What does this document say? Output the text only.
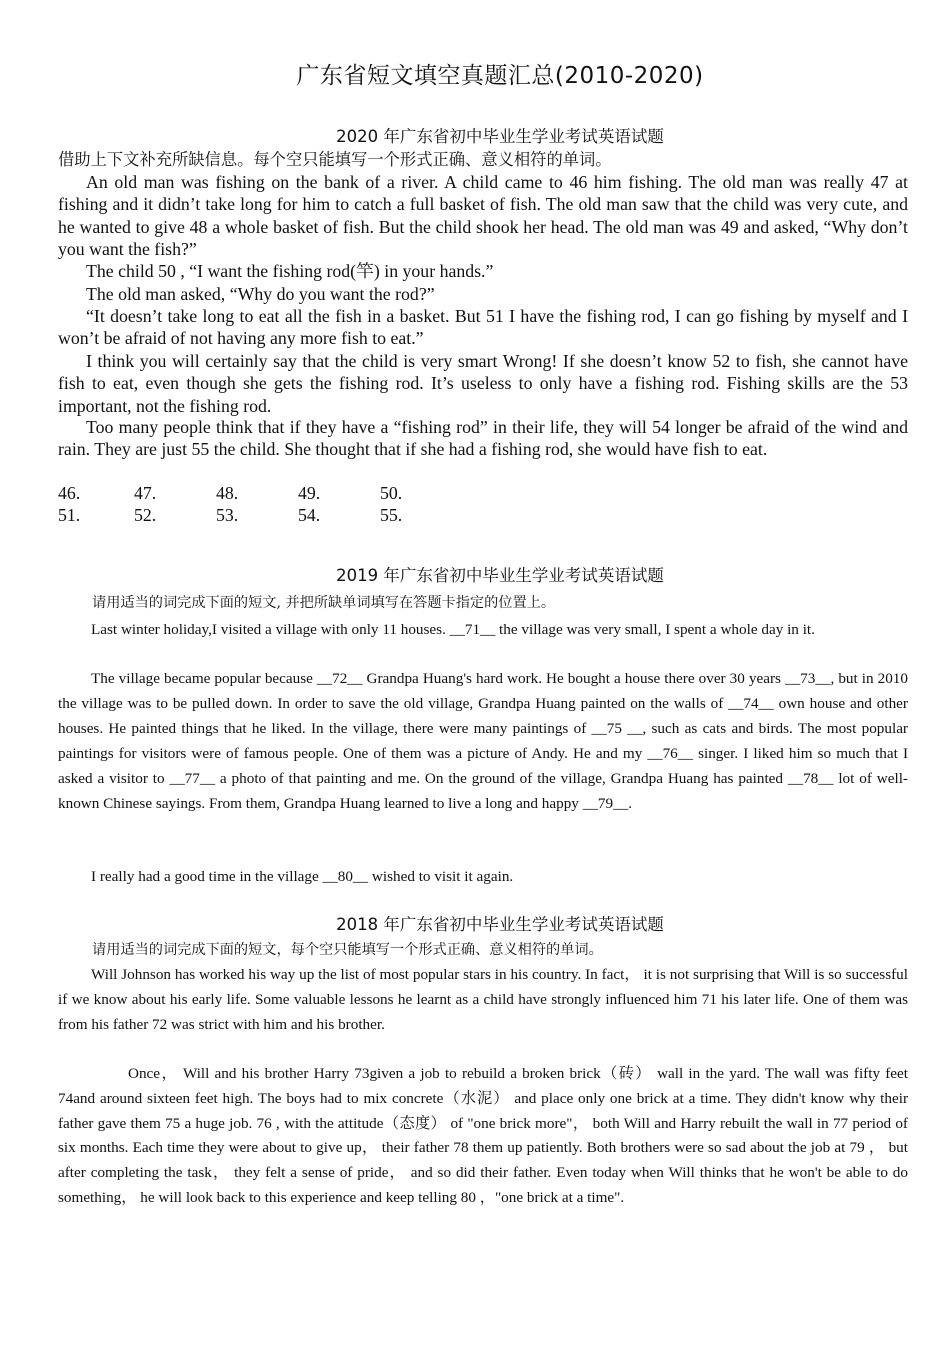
广东省短文填空真题汇总(2010-2020)
2020 年广东省初中毕业生学业考试英语试题
借助上下文补充所缺信息。每个空只能填写一个形式正确、意义相符的单词。

An old man was fishing on the bank of a river. A child came to 46 him fishing. The old man was really 47 at fishing and it didn’t take long for him to catch a full basket of fish. The old man saw that the child was very cute, and he wanted to give 48 a whole basket of fish. But the child shook her head. The old man was 49 and asked, “Why don’t you want the fish?”

The child 50 , “I want the fishing rod(竿) in your hands.”

The old man asked, “Why do you want the rod?”

“It doesn’t take long to eat all the fish in a basket. But 51 I have the fishing rod, I can go fishing by myself and I won’t be afraid of not having any more fish to eat.”

I think you will certainly say that the child is very smart Wrong! If she doesn’t know 52 to fish, she cannot have fish to eat, even though she gets the fishing rod. It’s useless to only have a fishing rod. Fishing skills are the 53 important, not the fishing rod.

Too many people think that if they have a “fishing rod” in their life, they will 54 longer be afraid of the wind and rain. They are just 55 the child. She thought that if she had a fishing rod, she would have fish to eat.

46.	47.	48.	49.	50.
51.	52.	53.	54.	55.
2019 年广东省初中毕业生学业考试英语试题
请用适当的词完成下面的短文, 并把所缺单词填写在答题卡指定的位置上。

Last winter holiday,I visited a village with only 11 houses. __71__ the village was very small, I spent a whole day in it.

The village became popular because __72__ Grandpa Huang's hard work. He bought a house there over 30 years __73__, but in 2010 the village was to be pulled down. In order to save the old village, Grandpa Huang painted on the walls of __74__ own house and other houses. He painted things that he liked. In the village, there were many paintings of __75 __, such as cats and birds. The most popular paintings for visitors were of famous people. One of them was a picture of Andy. He and my __76__ singer. I liked him so much that I asked a visitor to __77__ a photo of that painting and me. On the ground of the village, Grandpa Huang has painted __78__ lot of well-known Chinese sayings. From them, Grandpa Huang learned to live a long and happy __79__.

I really had a good time in the village __80__ wished to visit it again.

2018 年广东省初中毕业生学业考试英语试题
请用适当的词完成下面的短文，每个空只能填写一个形式正确、意义相符的单词。

Will Johnson has worked his way up the list of most popular stars in his country. In fact， it is not surprising that Will is so successful if we know about his early life. Some valuable lessons he learnt as a child have strongly influenced him 71 his later life. One of them was from his father 72 was strict with him and his brother.

Once， Will and his brother Harry 73given a job to rebuild a broken brick（砖） wall in the yard. The wall was fifty feet 74and around sixteen feet high. The boys had to mix concrete（水泥） and place only one brick at a time. They didn't know why their father gave them 75 a huge job. 76 , with the attitude（态度） of "one brick more"， both Will and Harry rebuilt the wall in 77 period of six months. Each time they were about to give up， their father 78 them up patiently. Both brothers were so sad about the job at 79 ， but after completing the task， they felt a sense of pride， and so did their father. Even today when Will thinks that he won't be able to do something， he will look back to this experience and keep telling 80 ，"one brick at a time".
